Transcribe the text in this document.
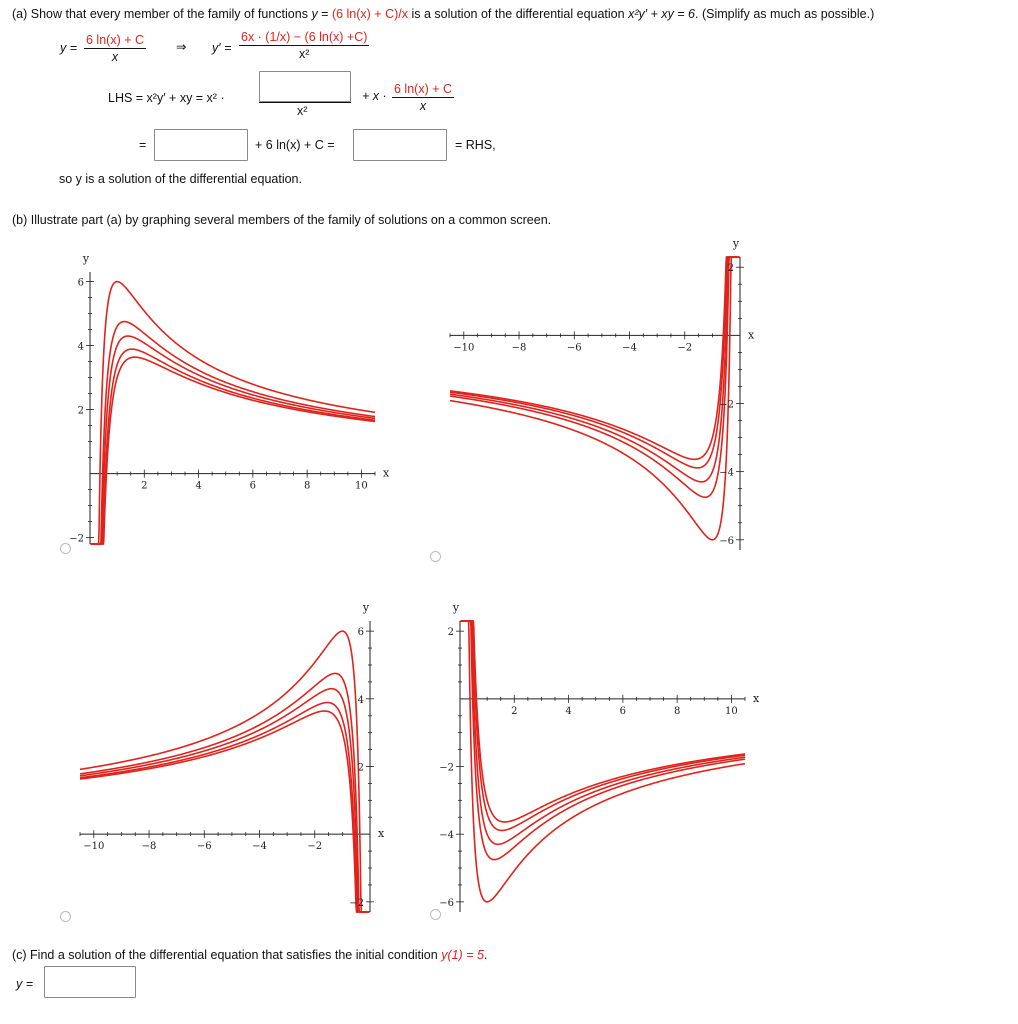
(a) Show that every member of the family of functions y = (6 ln(x) + C)/x is a solution of the differential equation x²y′ + xy = 6. (Simplify as much as possible.)
$y = \frac{6 \ln(x) + C}{x}$ ⇒ $y' = \frac{6x \cdot (1/x) - (6 \ln(x) +C)}{\text{x²}}$
LHS = x²y′ + xy = x² ·
x²
+ $x \cdot \frac{6 \ln(x) + C}{x}$
=	+ 6 ln(x) + C =	= RHS,
so y is a solution of the differential equation.
(b) Illustrate part (a) by graphing several members of the family of solutions on a common screen.
2	4	6	8	10
6
4
2
−2
x
y
−10	−8	−6	−4	−2
2
−2
−4
−6
x
y
−10	−8	−6	−4	−2
6
4
2
−2
x
y
2	4	6	8	10
2
−2
−4
−6
x
y
(c) Find a solution of the differential equation that satisfies the initial condition y(1) = 5.
y =
